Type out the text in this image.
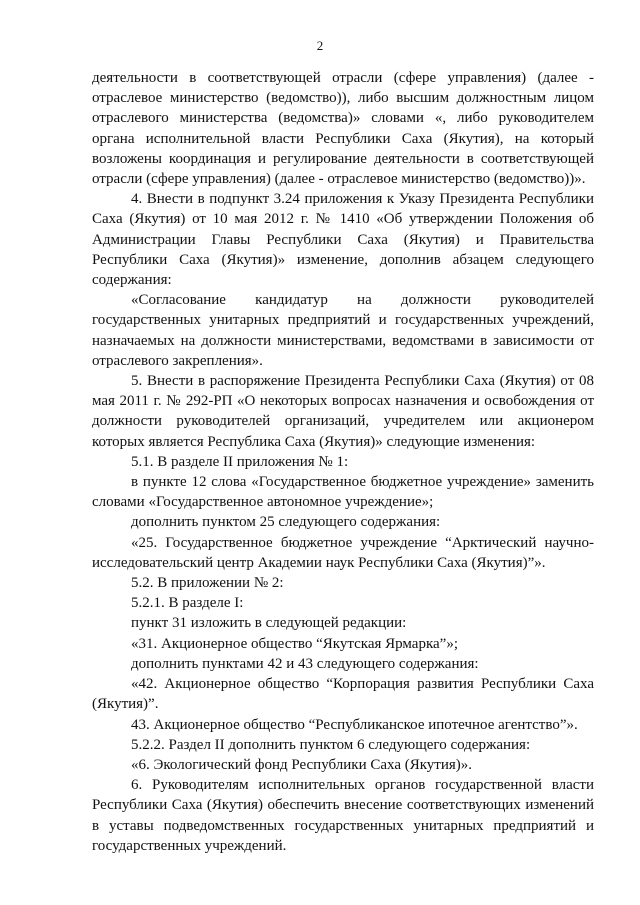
2

деятельности в соответствующей отрасли (сфере управления) (далее - отраслевое министерство (ведомство)), либо высшим должностным лицом отраслевого министерства (ведомства)» словами «, либо руководителем органа исполнительной власти Республики Саха (Якутия), на который возложены координация и регулирование деятельности в соответствующей отрасли (сфере управления) (далее - отраслевое министерство (ведомство))».

4. Внести в подпункт 3.24 приложения к Указу Президента Республики Саха (Якутия) от 10 мая 2012 г. № 1410 «Об утверждении Положения об Администрации Главы Республики Саха (Якутия) и Правительства Республики Саха (Якутия)» изменение, дополнив абзацем следующего содержания:

«Согласование кандидатур на должности руководителей государственных унитарных предприятий и государственных учреждений, назначаемых на должности министерствами, ведомствами в зависимости от отраслевого закрепления».

5. Внести в распоряжение Президента Республики Саха (Якутия) от 08 мая 2011 г. № 292-РП «О некоторых вопросах назначения и освобождения от должности руководителей организаций, учредителем или акционером которых является Республика Саха (Якутия)» следующие изменения:

5.1. В разделе II приложения № 1:

в пункте 12 слова «Государственное бюджетное учреждение» заменить словами «Государственное автономное учреждение»;

дополнить пунктом 25 следующего содержания:

«25. Государственное бюджетное учреждение “Арктический научно-исследовательский центр Академии наук Республики Саха (Якутия)”».

5.2. В приложении № 2:

5.2.1. В разделе I:

пункт 31 изложить в следующей редакции:

«31. Акционерное общество “Якутская Ярмарка”»;

дополнить пунктами 42 и 43 следующего содержания:

«42. Акционерное общество “Корпорация развития Республики Саха (Якутия)”.

43. Акционерное общество “Республиканское ипотечное агентство”».

5.2.2. Раздел II дополнить пунктом 6 следующего содержания:

«6. Экологический фонд Республики Саха (Якутия)».

6. Руководителям исполнительных органов государственной власти Республики Саха (Якутия) обеспечить внесение соответствующих изменений в уставы подведомственных государственных унитарных предприятий и государственных учреждений.
